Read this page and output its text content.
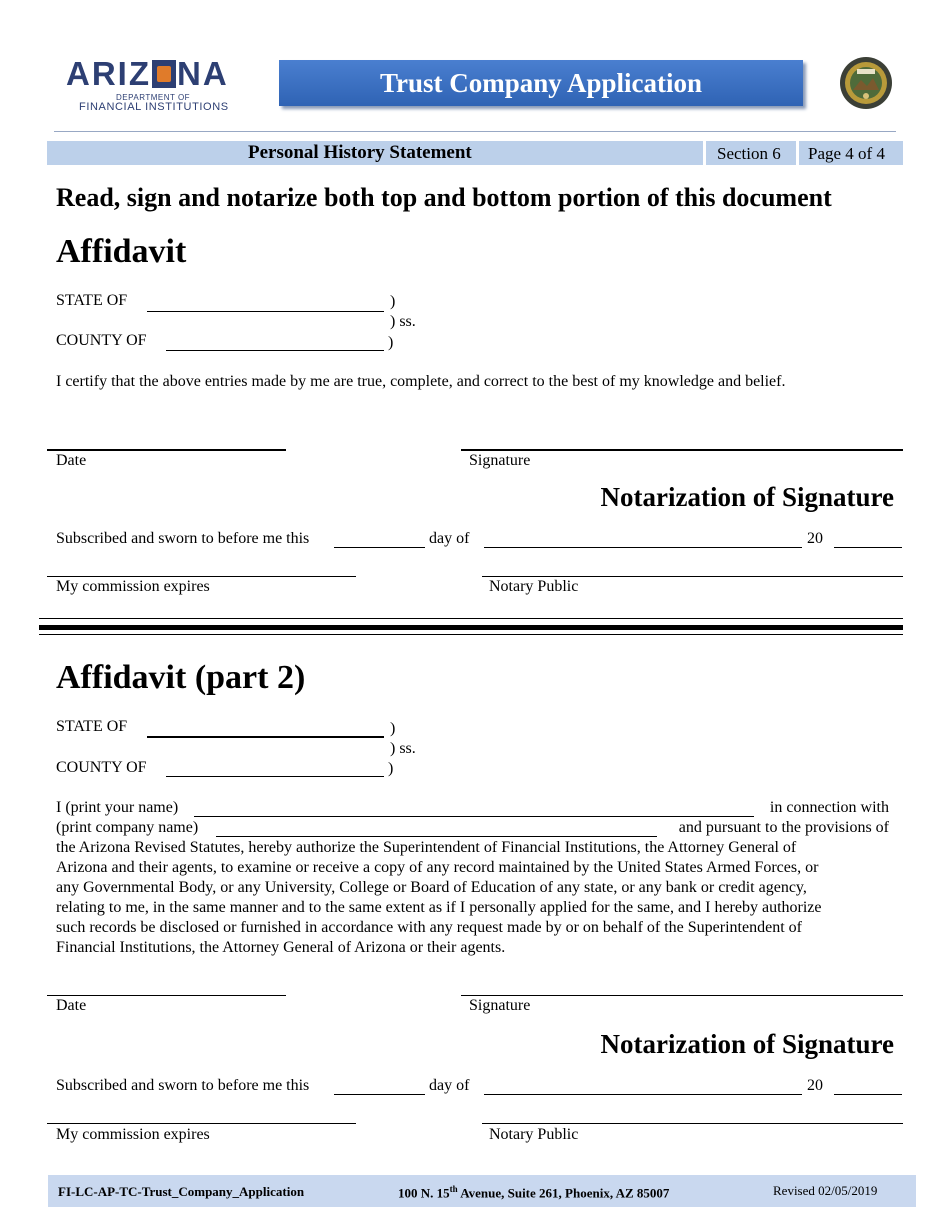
ARIZ NA
DEPARTMENT OF
FINANCIAL INSTITUTIONS
Trust Company Application
Personal History Statement	Section 6 Page 4 of 4
Read, sign and notarize both top and bottom portion of this document
Affidavit
STATE OF	)
) ss.
COUNTY OF	)
I certify that the above entries made by me are true, complete, and correct to the best of my knowledge and belief.
Date	Signature
Notarization of Signature
Subscribed and sworn to before me this	day of	20
My commission expires	Notary Public
Affidavit (part 2)
STATE OF	)
) ss.
COUNTY OF	)
I (print your name)	in connection with
(print company name)	and pursuant to the provisions of
the Arizona Revised Statutes, hereby authorize the Superintendent of Financial Institutions, the Attorney General of
Arizona and their agents, to examine or receive a copy of any record maintained by the United States Armed Forces, or
any Governmental Body, or any University, College or Board of Education of any state, or any bank or credit agency,
relating to me, in the same manner and to the same extent as if I personally applied for the same, and I hereby authorize
such records be disclosed or furnished in accordance with any request made by or on behalf of the Superintendent of
Financial Institutions, the Attorney General of Arizona or their agents.
Date	Signature
Notarization of Signature
Subscribed and sworn to before me this	day of	20
My commission expires	Notary Public
FI-LC-AP-TC-Trust_Company_Application	100 N. 15th Avenue, Suite 261, Phoenix, AZ 85007	Revised 02/05/2019
